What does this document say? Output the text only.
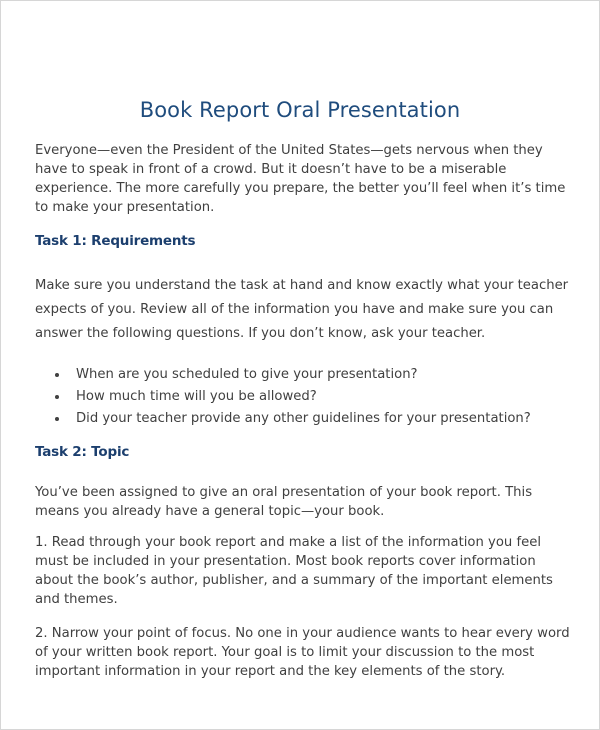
Book Report Oral Presentation

Everyone—even the President of the United States—gets nervous when they have to speak in front of a crowd. But it doesn’t have to be a miserable experience. The more carefully you prepare, the better you’ll feel when it’s time to make your presentation.

Task 1: Requirements

Make sure you understand the task at hand and know exactly what your teacher expects of you. Review all of the information you have and make sure you can answer the following questions. If you don’t know, ask your teacher.

When are you scheduled to give your presentation?
How much time will you be allowed?
Did your teacher provide any other guidelines for your presentation?
Task 2: Topic

You’ve been assigned to give an oral presentation of your book report. This means you already have a general topic—your book.

1. Read through your book report and make a list of the information you feel must be included in your presentation. Most book reports cover information about the book’s author, publisher, and a summary of the important elements and themes.

2. Narrow your point of focus. No one in your audience wants to hear every word of your written book report. Your goal is to limit your discussion to the most important information in your report and the key elements of the story.
